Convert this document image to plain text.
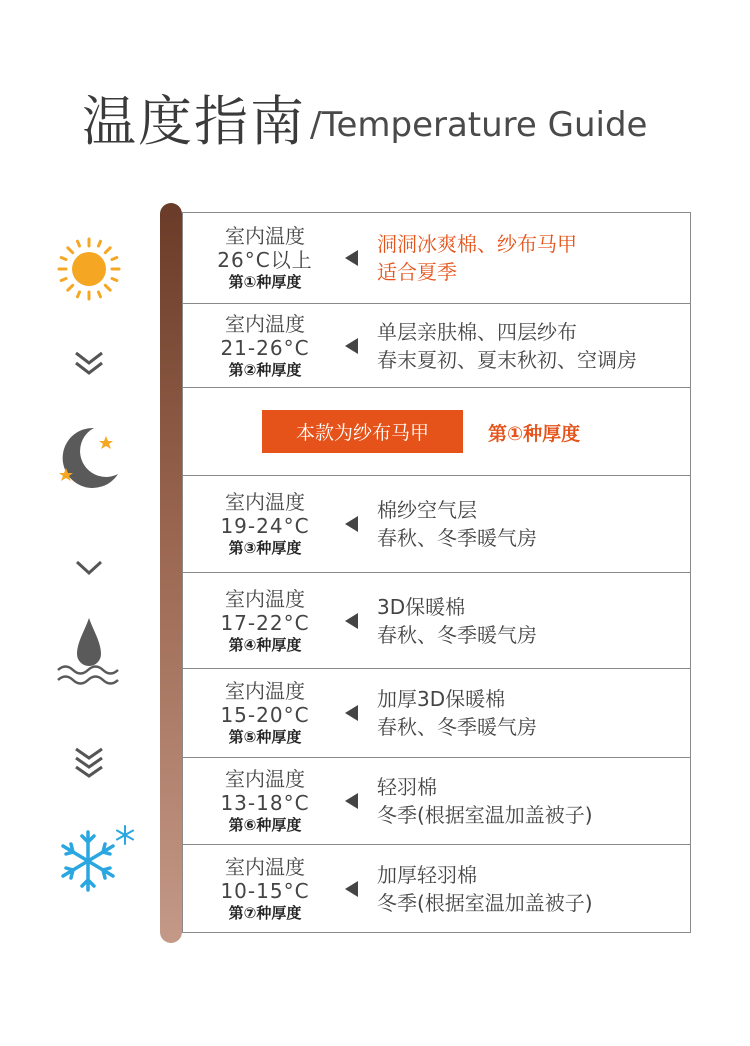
温度指南 /Temperature Guide
室内温度
26°C以上
第①种厚度
洞洞冰爽棉、纱布马甲
适合夏季
室内温度
21-26°C
第②种厚度
单层亲肤棉、四层纱布
春末夏初、夏末秋初、空调房
本款为纱布马甲	第①种厚度
室内温度
19-24°C
第③种厚度
棉纱空气层
春秋、冬季暖气房
室内温度
17-22°C
第④种厚度
3D保暖棉
春秋、冬季暖气房
室内温度
15-20°C
第⑤种厚度
加厚3D保暖棉
春秋、冬季暖气房
室内温度
13-18°C
第⑥种厚度
轻羽棉
冬季(根据室温加盖被子)
室内温度
10-15°C
第⑦种厚度
加厚轻羽棉
冬季(根据室温加盖被子)
